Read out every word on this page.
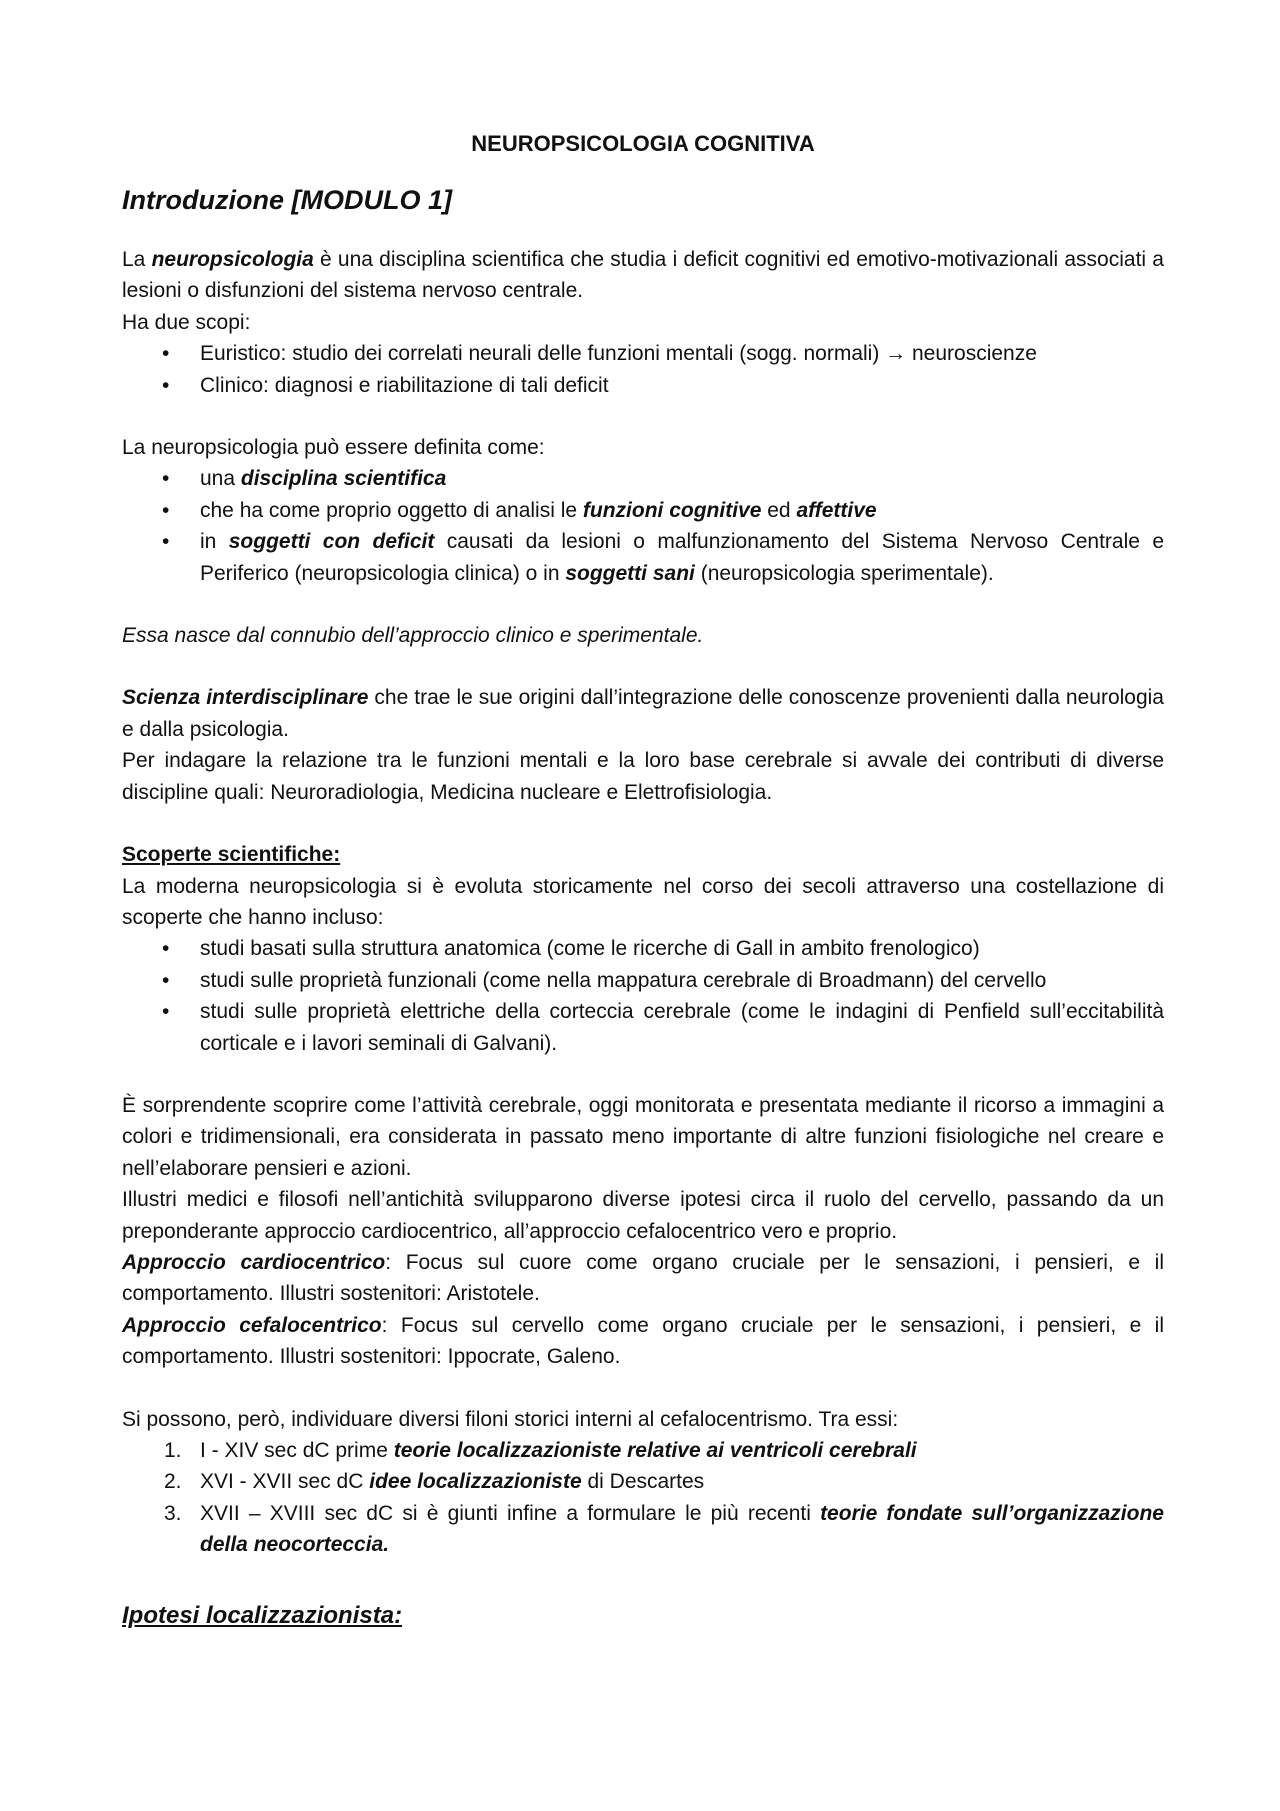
NEUROPSICOLOGIA COGNITIVA
Introduzione [MODULO 1]

La neuropsicologia è una disciplina scientifica che studia i deficit cognitivi ed emotivo-motivazionali associati a lesioni o disfunzioni del sistema nervoso centrale.

Ha due scopi:

• Euristico: studio dei correlati neurali delle funzioni mentali (sogg. normali) → neuroscienze
• Clinico: diagnosi e riabilitazione di tali deficit

La neuropsicologia può essere definita come:

• una disciplina scientifica
• che ha come proprio oggetto di analisi le funzioni cognitive ed affettive
• in soggetti con deficit causati da lesioni o malfunzionamento del Sistema Nervoso Centrale e Periferico (neuropsicologia clinica) o in soggetti sani (neuropsicologia sperimentale).

Essa nasce dal connubio dell’approccio clinico e sperimentale.

Scienza interdisciplinare che trae le sue origini dall’integrazione delle conoscenze provenienti dalla neurologia e dalla psicologia.

Per indagare la relazione tra le funzioni mentali e la loro base cerebrale si avvale dei contributi di diverse discipline quali: Neuroradiologia, Medicina nucleare e Elettrofisiologia.

Scoperte scientifiche:

La moderna neuropsicologia si è evoluta storicamente nel corso dei secoli attraverso una costellazione di scoperte che hanno incluso:

• studi basati sulla struttura anatomica (come le ricerche di Gall in ambito frenologico)
• studi sulle proprietà funzionali (come nella mappatura cerebrale di Broadmann) del cervello
• studi sulle proprietà elettriche della corteccia cerebrale (come le indagini di Penfield sull’eccitabilità corticale e i lavori seminali di Galvani).

È sorprendente scoprire come l’attività cerebrale, oggi monitorata e presentata mediante il ricorso a immagini a colori e tridimensionali, era considerata in passato meno importante di altre funzioni fisiologiche nel creare e nell’elaborare pensieri e azioni.

Illustri medici e filosofi nell’antichità svilupparono diverse ipotesi circa il ruolo del cervello, passando da un preponderante approccio cardiocentrico, all’approccio cefalocentrico vero e proprio.

Approccio cardiocentrico: Focus sul cuore come organo cruciale per le sensazioni, i pensieri, e il comportamento. Illustri sostenitori: Aristotele.

Approccio cefalocentrico: Focus sul cervello come organo cruciale per le sensazioni, i pensieri, e il comportamento. Illustri sostenitori: Ippocrate, Galeno.

Si possono, però, individuare diversi filoni storici interni al cefalocentrismo. Tra essi:

1. I - XIV sec dC prime teorie localizzazioniste relative ai ventricoli cerebrali
2. XVI - XVII sec dC idee localizzazioniste di Descartes
3. XVII – XVIII sec dC si è giunti infine a formulare le più recenti teorie fondate sull’organizzazione della neocorteccia.
Ipotesi localizzazionista:
